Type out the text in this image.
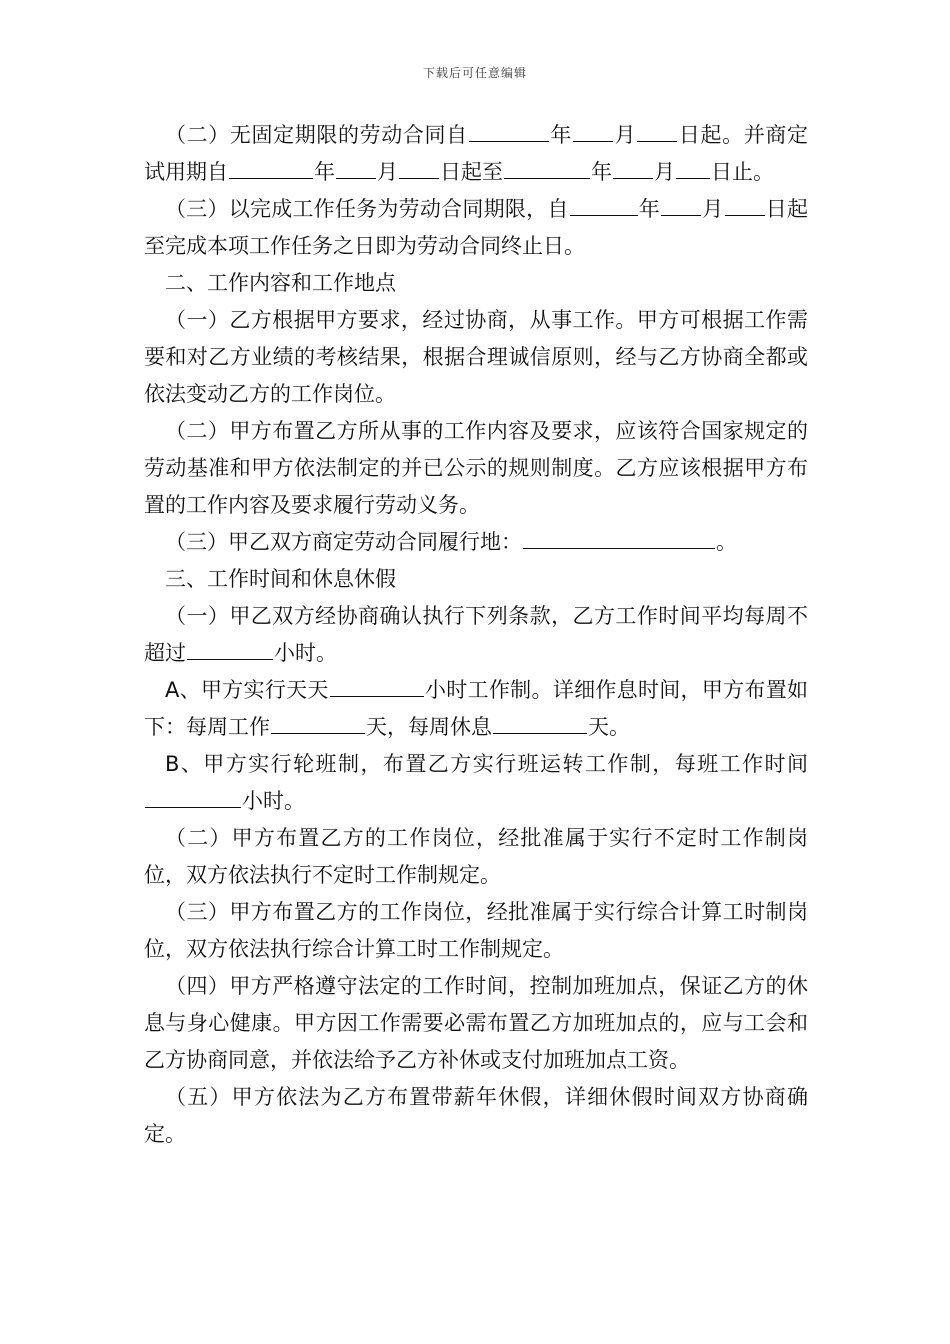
下载后可任意编辑

（二）无固定期限的劳动合同自	年 月 日起。并商定试用期自	年 月 日起至	年 月 日止。

（三）以完成工作任务为劳动合同期限，自	年 月 日起至完成本项工作任务之日即为劳动合同终止日。

二、工作内容和工作地点

（一）乙方根据甲方要求，经过协商，从事工作。甲方可根据工作需要和对乙方业绩的考核结果，根据合理诚信原则，经与乙方协商全都或依法变动乙方的工作岗位。

（二）甲方布置乙方所从事的工作内容及要求，应该符合国家规定的劳动基准和甲方依法制定的并已公示的规则制度。乙方应该根据甲方布置的工作内容及要求履行劳动义务。

（三）甲乙双方商定劳动合同履行地：	。

三、工作时间和休息休假

（一）甲乙双方经协商确认执行下列条款，乙方工作时间平均每周不超过	小时。

A、甲方实行天天	小时工作制。详细作息时间，甲方布置如下：每周工作	天，每周休息	天。

B、甲方实行轮班制，布置乙方实行班运转工作制，每班工作时间小时。

（二）甲方布置乙方的工作岗位，经批准属于实行不定时工作制岗位，双方依法执行不定时工作制规定。

（三）甲方布置乙方的工作岗位，经批准属于实行综合计算工时制岗位，双方依法执行综合计算工时工作制规定。

（四）甲方严格遵守法定的工作时间，控制加班加点，保证乙方的休息与身心健康。甲方因工作需要必需布置乙方加班加点的，应与工会和乙方协商同意，并依法给予乙方补休或支付加班加点工资。

（五）甲方依法为乙方布置带薪年休假，详细休假时间双方协商确定。
